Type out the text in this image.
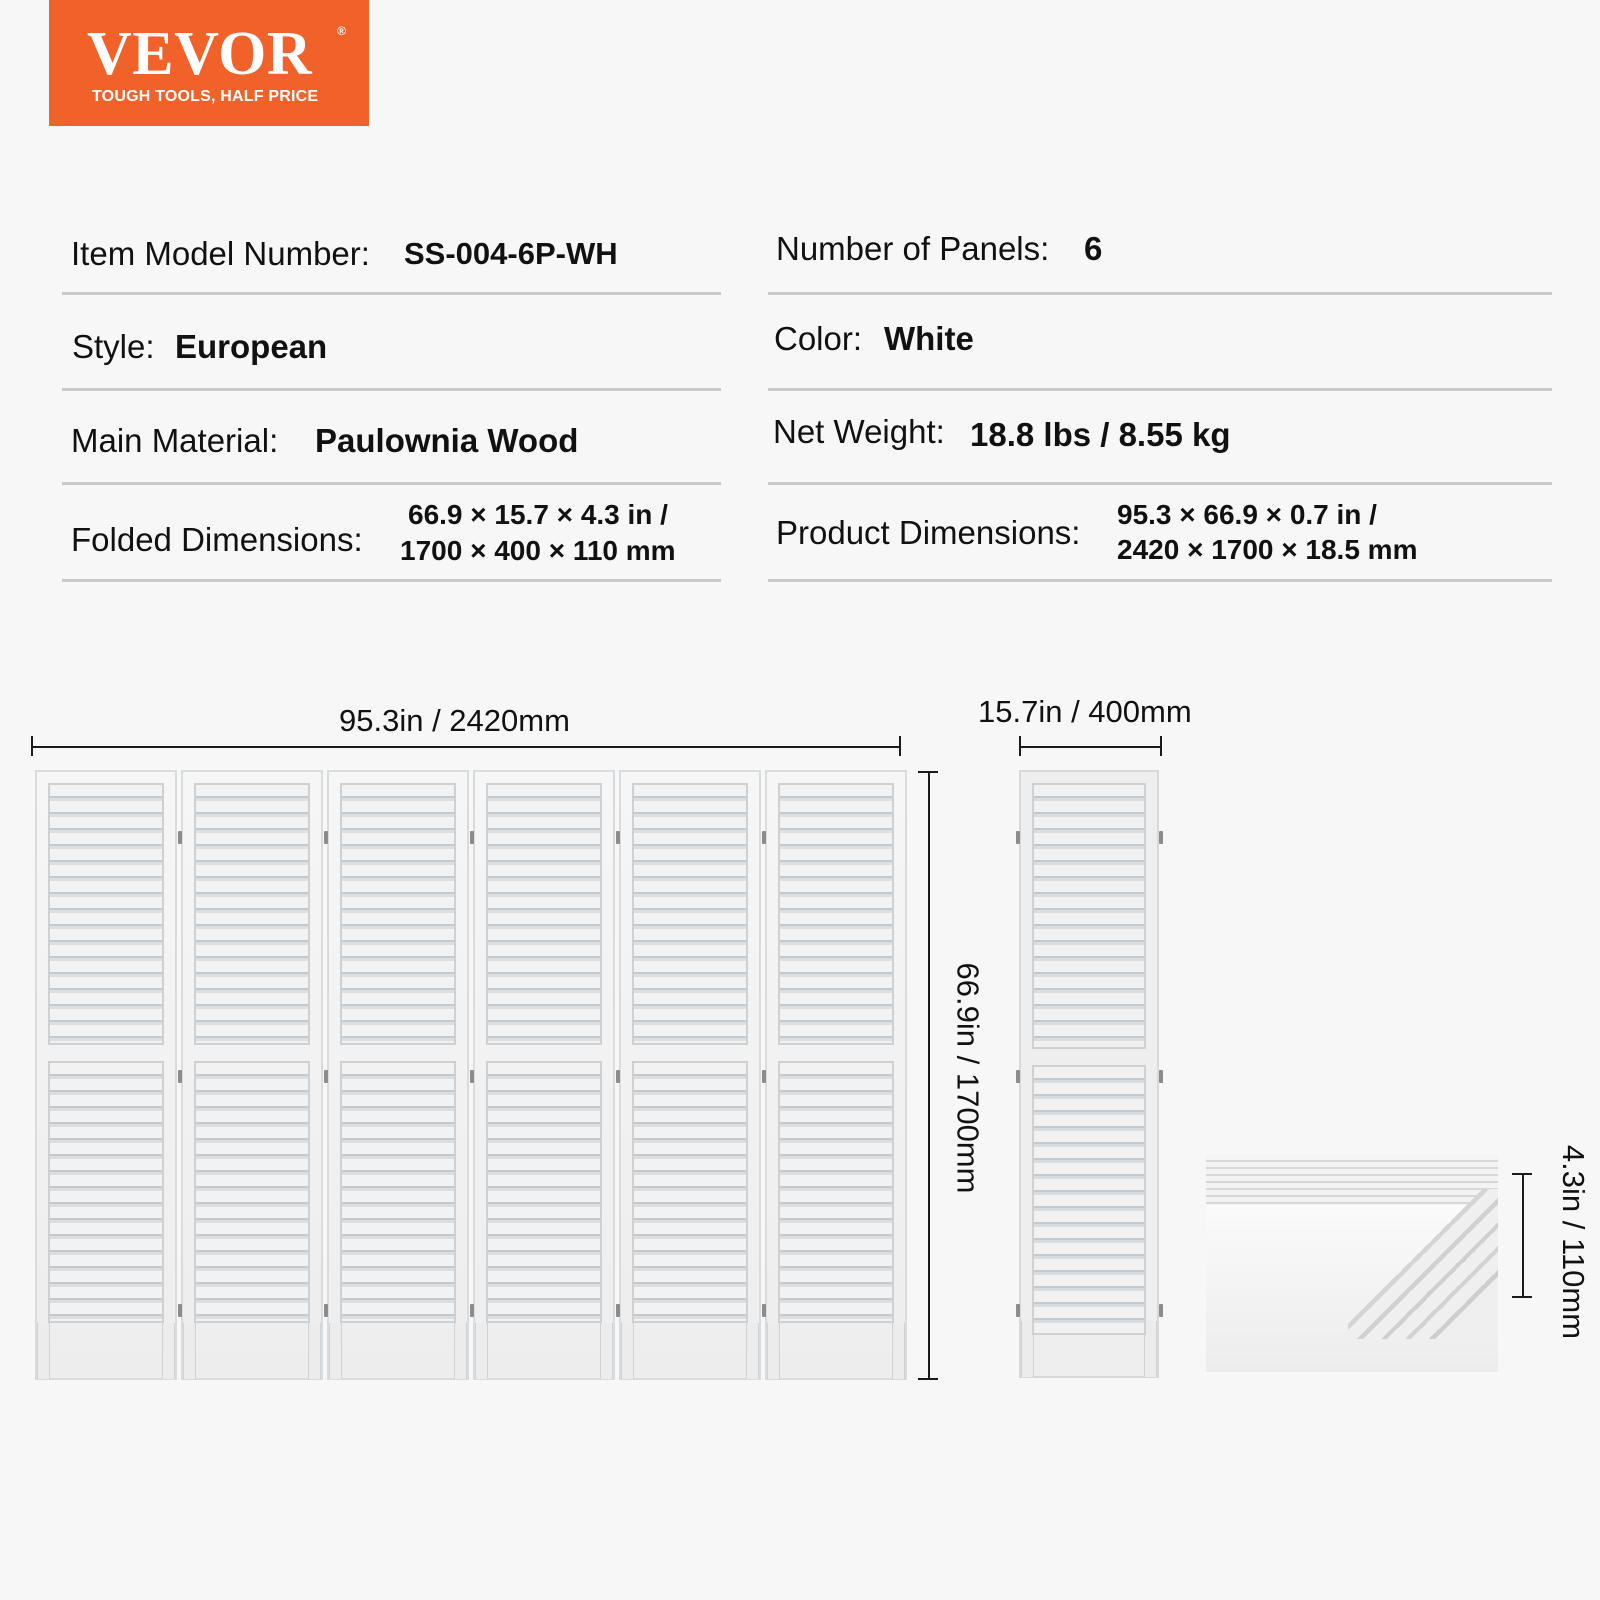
VEVOR ®
TOUGH TOOLS, HALF PRICE
Item Model Number: SS-004-6P-WH
Style: European
Main Material: Paulownia Wood
Folded Dimensions:
66.9 × 15.7 × 4.3 in /
1700 × 400 × 110 mm
Number of Panels: 6
Color: White
Net Weight: 18.8 lbs / 8.55 kg
Product Dimensions: 95.3 × 66.9 × 0.7 in /
2420 × 1700 × 18.5 mm
95.3in / 2420mm
66.9in / 1700mm
15.7in / 400mm
4.3in / 110mm
